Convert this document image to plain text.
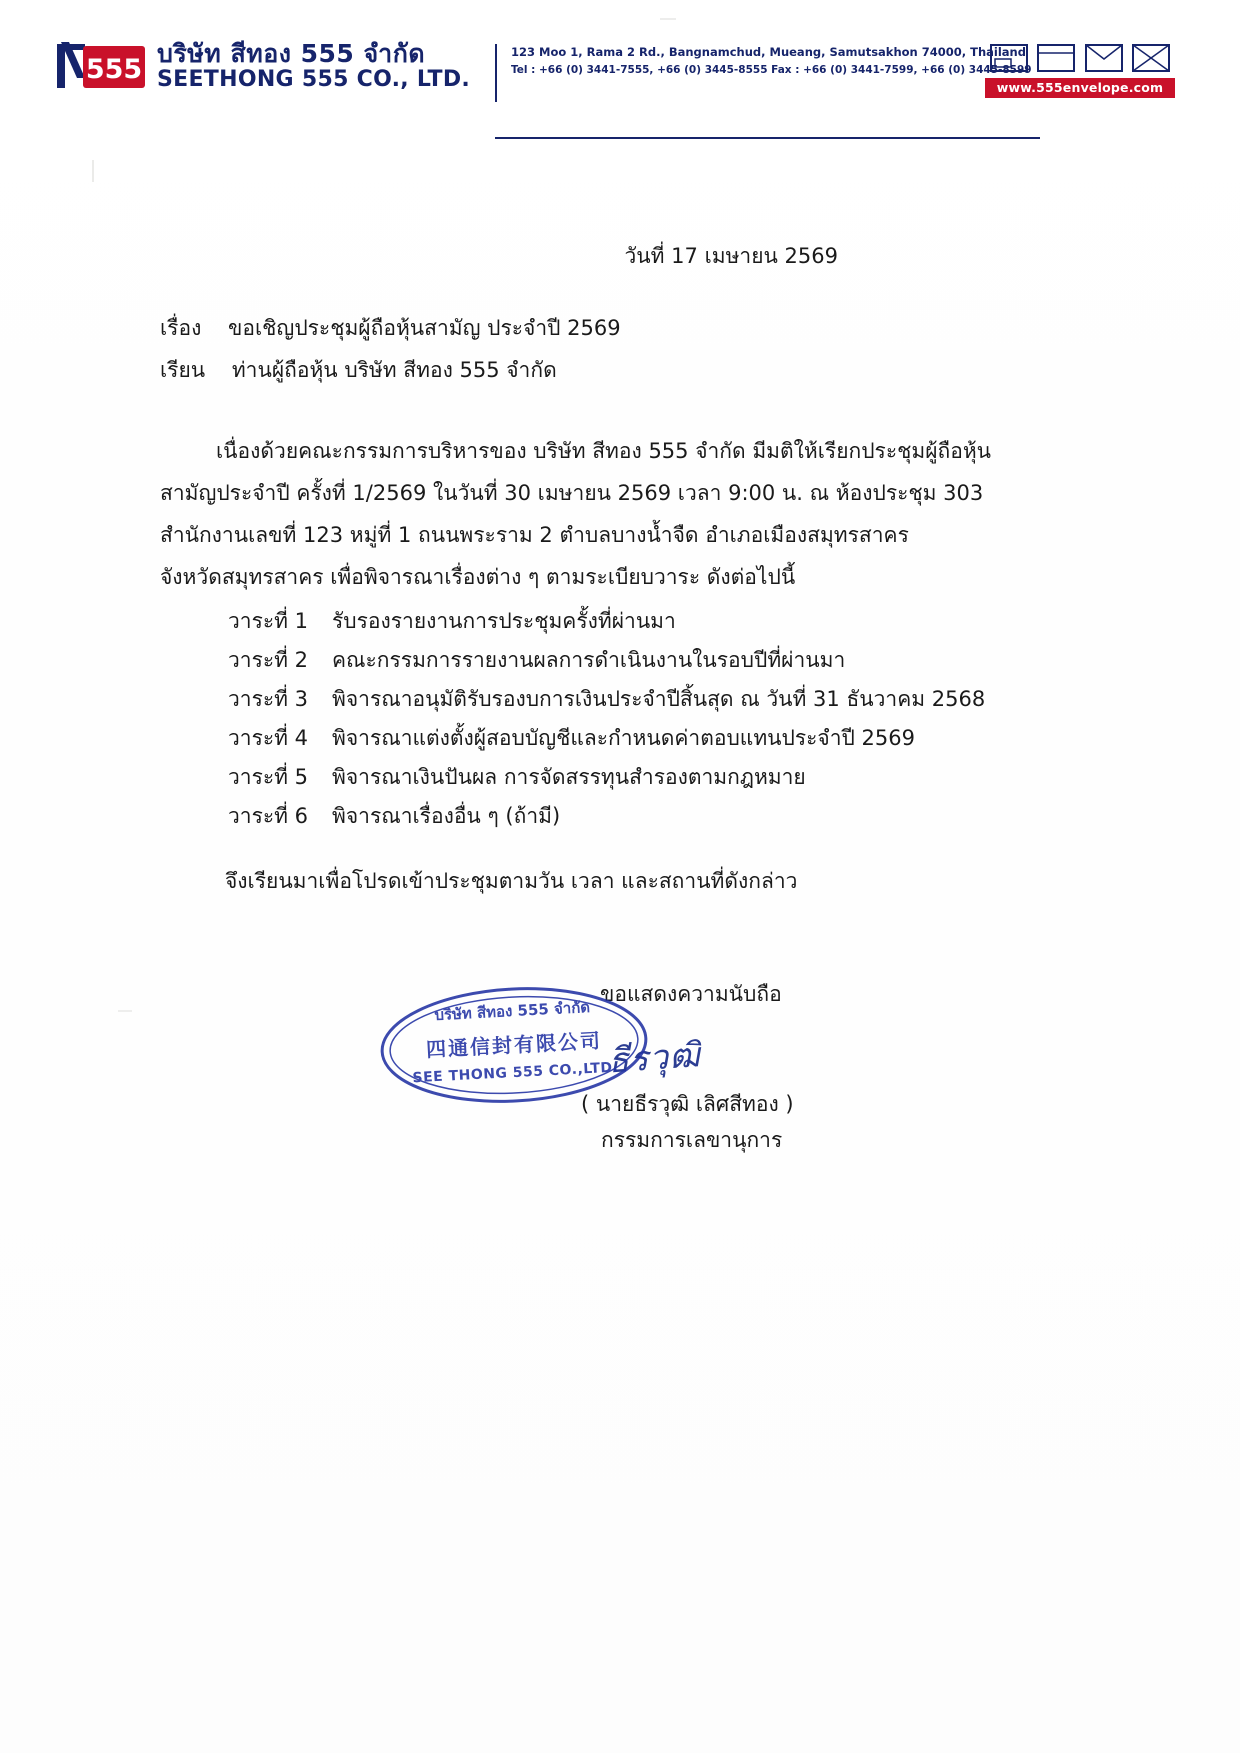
555
บริษัท สีทอง 555 จำกัด
SEETHONG 555 CO., LTD.
123 Moo 1, Rama 2 Rd., Bangnamchud, Mueang, Samutsakhon 74000, Thailand
Tel : +66 (0) 3441-7555, +66 (0) 3445-8555 Fax : +66 (0) 3441-7599, +66 (0) 3445-8599
www.555envelope.com
วันที่ 17 เมษายน 2569
เรื่อง ขอเชิญประชุมผู้ถือหุ้นสามัญ ประจำปี 2569
เรียน ท่านผู้ถือหุ้น บริษัท สีทอง 555 จำกัด
เนื่องด้วยคณะกรรมการบริหารของ บริษัท สีทอง 555 จำกัด มีมติให้เรียกประชุมผู้ถือหุ้น
สามัญประจำปี ครั้งที่ 1/2569 ในวันที่ 30 เมษายน 2569 เวลา 9:00 น. ณ ห้องประชุม 303
สำนักงานเลขที่ 123 หมู่ที่ 1 ถนนพระราม 2 ตำบลบางน้ำจืด อำเภอเมืองสมุทรสาคร
จังหวัดสมุทรสาคร เพื่อพิจารณาเรื่องต่าง ๆ ตามระเบียบวาระ ดังต่อไปนี้
วาระที่ 1 รับรองรายงานการประชุมครั้งที่ผ่านมา
วาระที่ 2 คณะกรรมการรายงานผลการดำเนินงานในรอบปีที่ผ่านมา
วาระที่ 3 พิจารณาอนุมัติรับรองบการเงินประจำปีสิ้นสุด ณ วันที่ 31 ธันวาคม 2568
วาระที่ 4 พิจารณาแต่งตั้งผู้สอบบัญชีและกำหนดค่าตอบแทนประจำปี 2569
วาระที่ 5 พิจารณาเงินปันผล การจัดสรรทุนสำรองตามกฎหมาย
วาระที่ 6 พิจารณาเรื่องอื่น ๆ (ถ้ามี)
จึงเรียนมาเพื่อโปรดเข้าประชุมตามวัน เวลา และสถานที่ดังกล่าว
ขอแสดงความนับถือ
ธีรวุฒิ
( นายธีรวุฒิ เลิศสีทอง )
กรรมการเลขานุการ
บริษัท สีทอง 555 จำกัด
四通信封有限公司
SEE THONG 555 CO.,LTD.
